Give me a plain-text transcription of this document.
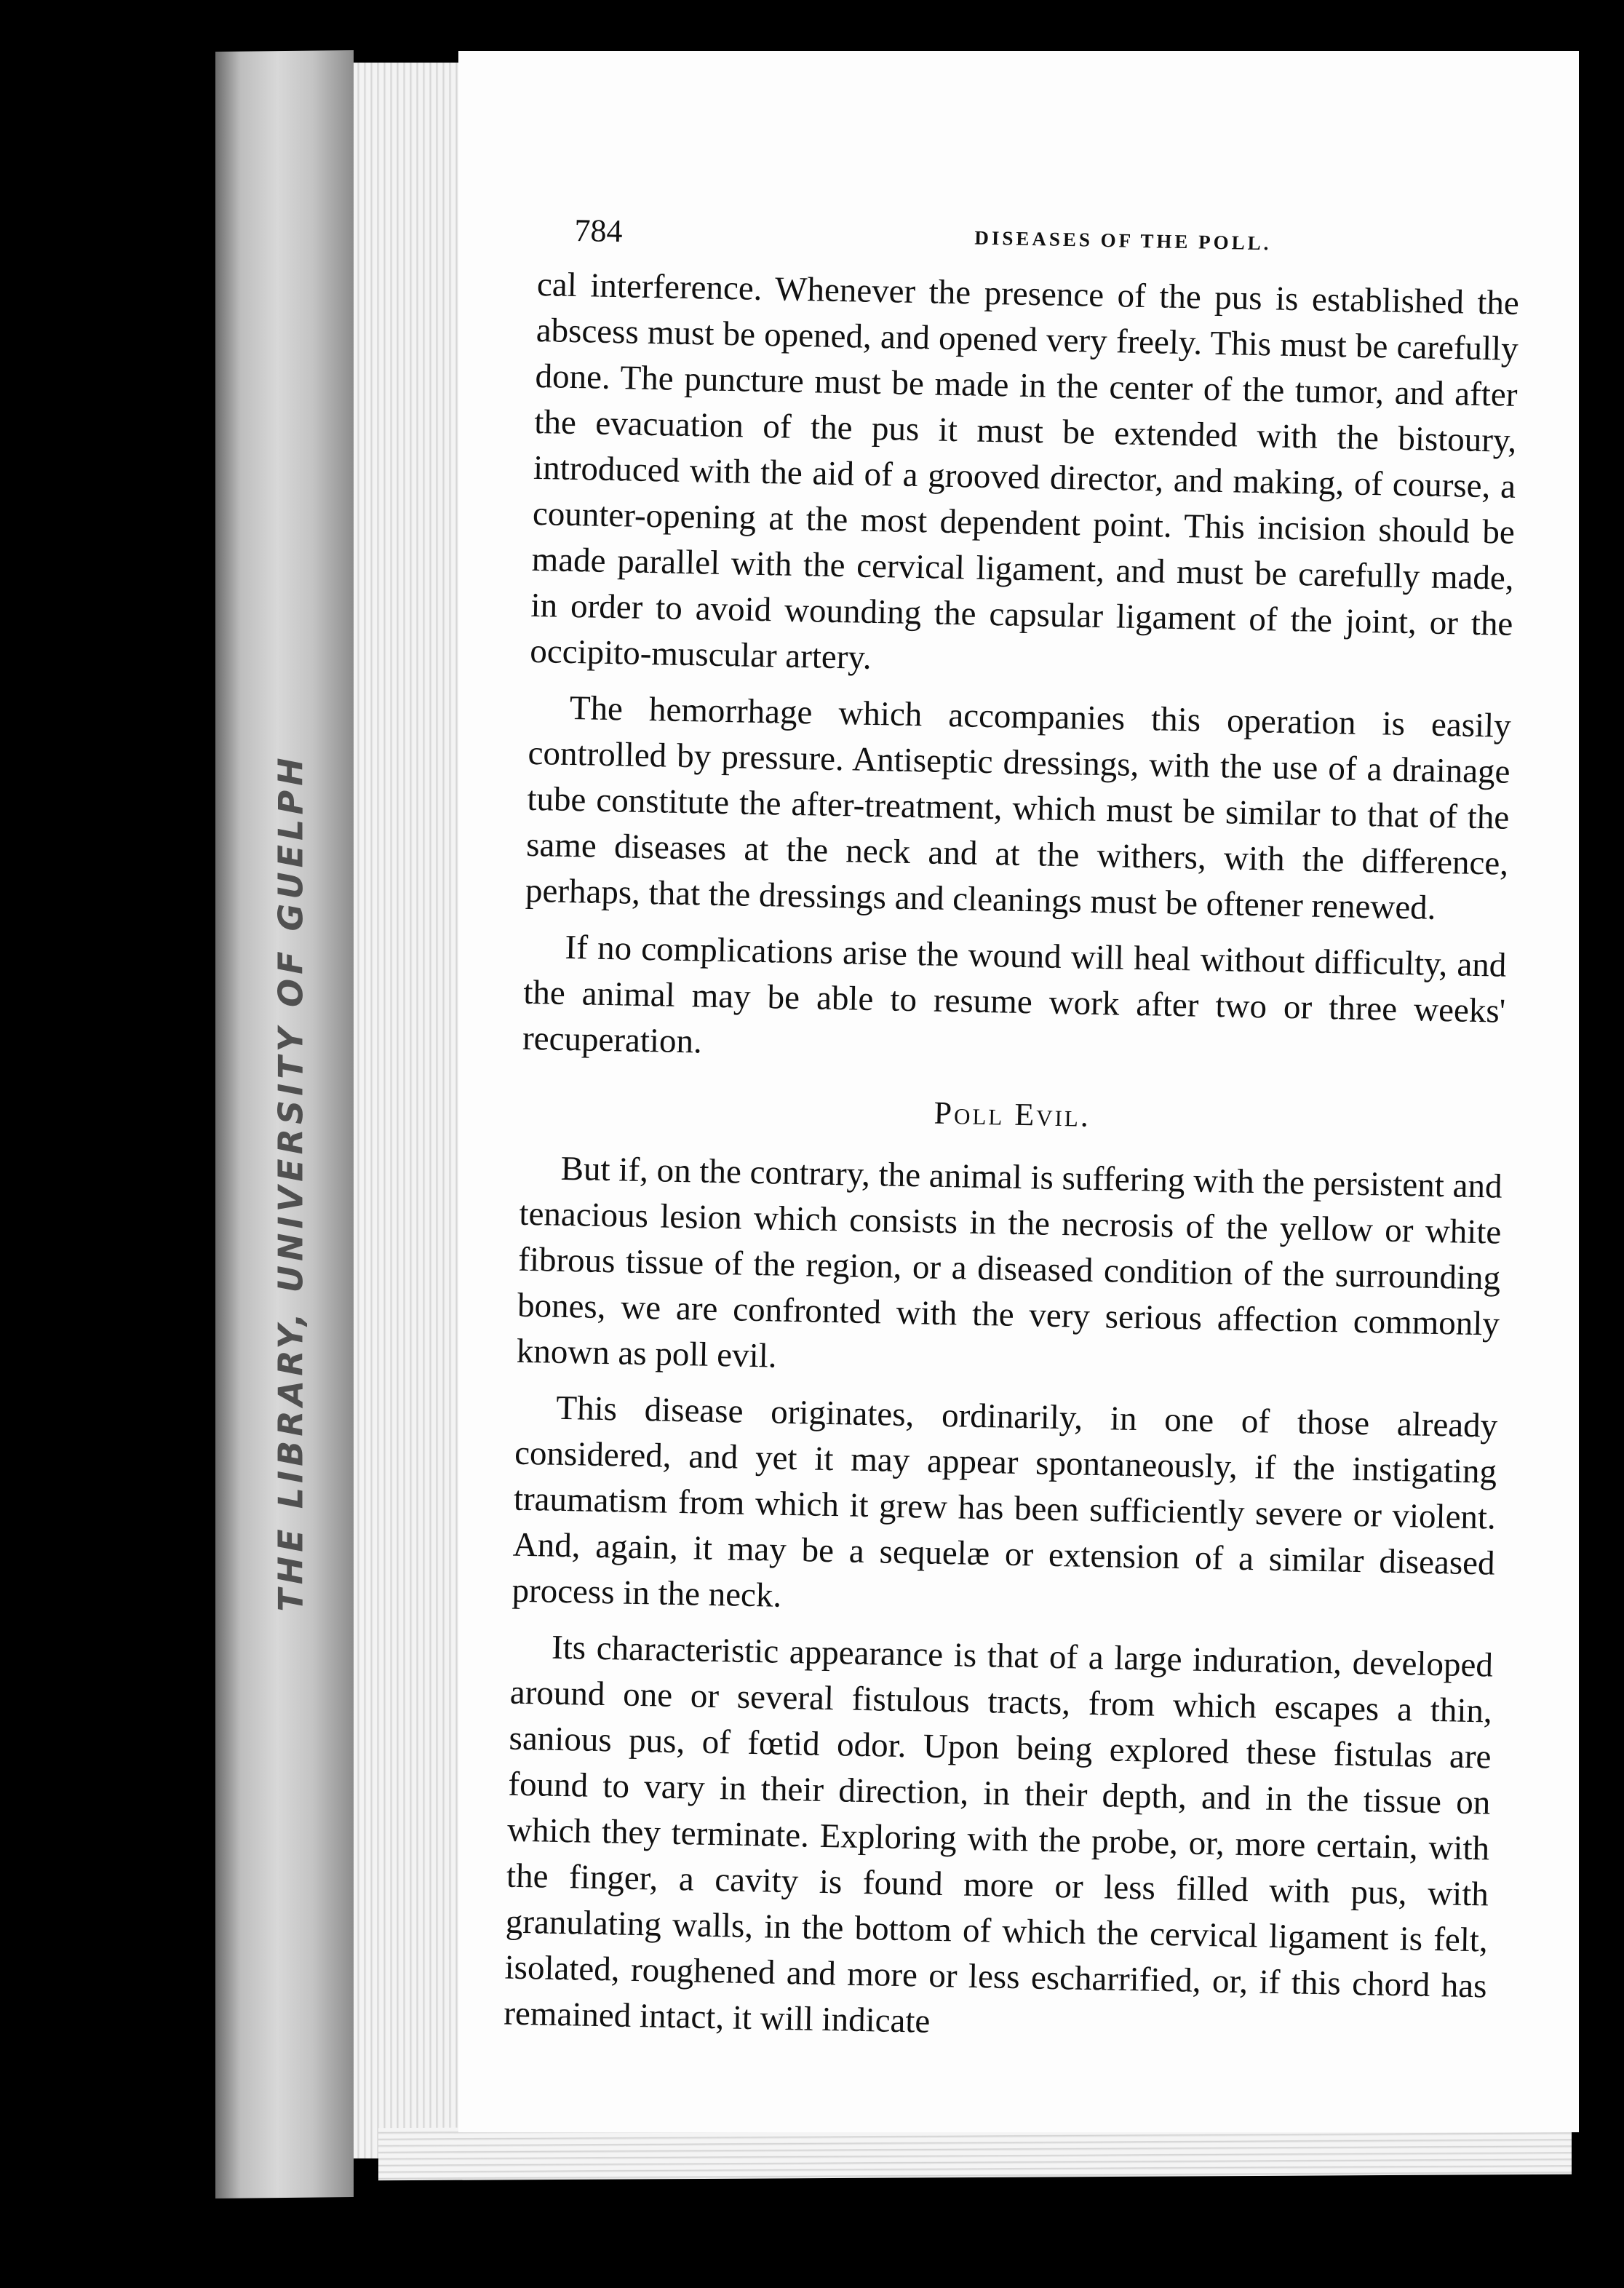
THE LIBRARY, UNIVERSITY OF GUELPH
784	DISEASES OF THE POLL.

cal interference. Whenever the presence of the pus is established the abscess must be opened, and opened very freely. This must be carefully done. The puncture must be made in the center of the tumor, and after the evacuation of the pus it must be extended with the bistoury, introduced with the aid of a grooved director, and making, of course, a counter-opening at the most dependent point. This incision should be made parallel with the cervical ligament, and must be carefully made, in order to avoid wounding the capsular ligament of the joint, or the occipito-muscular artery.

The hemorrhage which accompanies this operation is easily controlled by pressure. Antiseptic dressings, with the use of a drainage tube constitute the after-treatment, which must be similar to that of the same diseases at the neck and at the withers, with the difference, perhaps, that the dressings and cleanings must be oftener renewed.

If no complications arise the wound will heal without difficulty, and the animal may be able to resume work after two or three weeks' recuperation.

Poll Evil.

But if, on the contrary, the animal is suffering with the persistent and tenacious lesion which consists in the necrosis of the yellow or white fibrous tissue of the region, or a diseased condition of the surrounding bones, we are confronted with the very serious affection commonly known as poll evil.

This disease originates, ordinarily, in one of those already considered, and yet it may appear spontaneously, if the instigating traumatism from which it grew has been sufficiently severe or violent. And, again, it may be a sequelæ or extension of a similar diseased process in the neck.

Its characteristic appearance is that of a large induration, developed around one or several fistulous tracts, from which escapes a thin, sanious pus, of fœtid odor. Upon being explored these fistulas are found to vary in their direction, in their depth, and in the tissue on which they terminate. Exploring with the probe, or, more certain, with the finger, a cavity is found more or less filled with pus, with granulating walls, in the bottom of which the cervical ligament is felt, isolated, roughened and more or less escharrified, or, if this chord has remained intact, it will indicate
